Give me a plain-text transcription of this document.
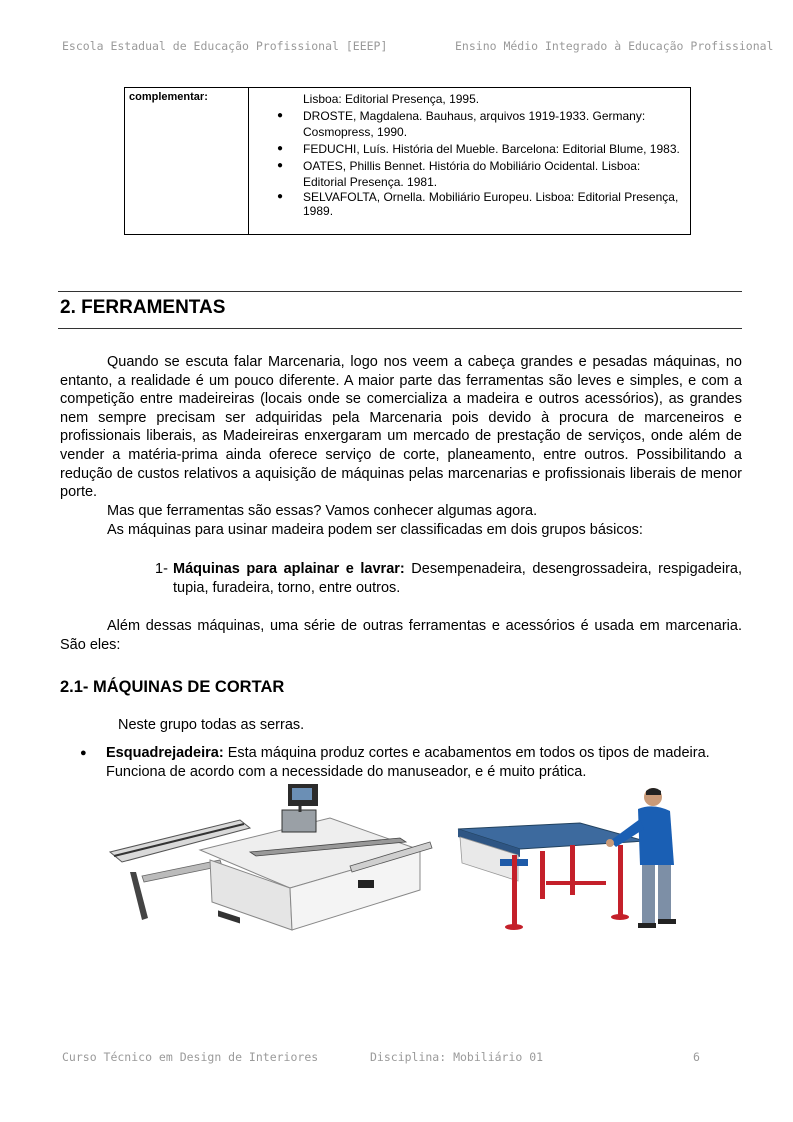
Escola Estadual de Educação Profissional [EEEP]	Ensino Médio Integrado à Educação Profissional
complementar:	Lisboa: Editorial Presença, 1995.
● DROSTE, Magdalena. Bauhaus, arquivos 1919-1933. Germany: Cosmopress, 1990.
● FEDUCHI, Luís. História del Mueble. Barcelona: Editorial Blume, 1983.
● OATES, Phillis Bennet. História do Mobiliário Ocidental. Lisboa: Editorial Presença. 1981.
● SELVAFOLTA, Ornella. Mobiliário Europeu. Lisboa: Editorial Presença, 1989.
2. FERRAMENTAS

Quando se escuta falar Marcenaria, logo nos veem a cabeça grandes e pesadas máquinas, no entanto, a realidade é um pouco diferente. A maior parte das ferramentas são leves e simples, e com a competição entre madeireiras (locais onde se comercializa a madeira e outros acessórios), as grandes nem sempre precisam ser adquiridas pela Marcenaria pois devido à procura de marceneiros e profissionais liberais, as Madeireiras enxergaram um mercado de prestação de serviços, onde além de vender a matéria-prima ainda oferece serviço de corte, planeamento, entre outros. Possibilitando a redução de custos relativos a aquisição de máquinas pelas marcenarias e profissionais liberais de menor porte.

Mas que ferramentas são essas? Vamos conhecer algumas agora.

As máquinas para usinar madeira podem ser classificadas em dois grupos básicos:

1- Máquinas para aplainar e lavrar: Desempenadeira, desengrossadeira, respigadeira, tupia, furadeira, torno, entre outros.

Além dessas máquinas, uma série de outras ferramentas e acessórios é usada em marcenaria. São eles:

2.1- MÁQUINAS DE CORTAR
Neste grupo todas as serras.
●	Esquadrejadeira: Esta máquina produz cortes e acabamentos em todos os tipos de madeira. Funciona de acordo com a necessidade do manuseador, e é muito prática.
Curso Técnico em Design de Interiores	Disciplina: Mobiliário 01	6
